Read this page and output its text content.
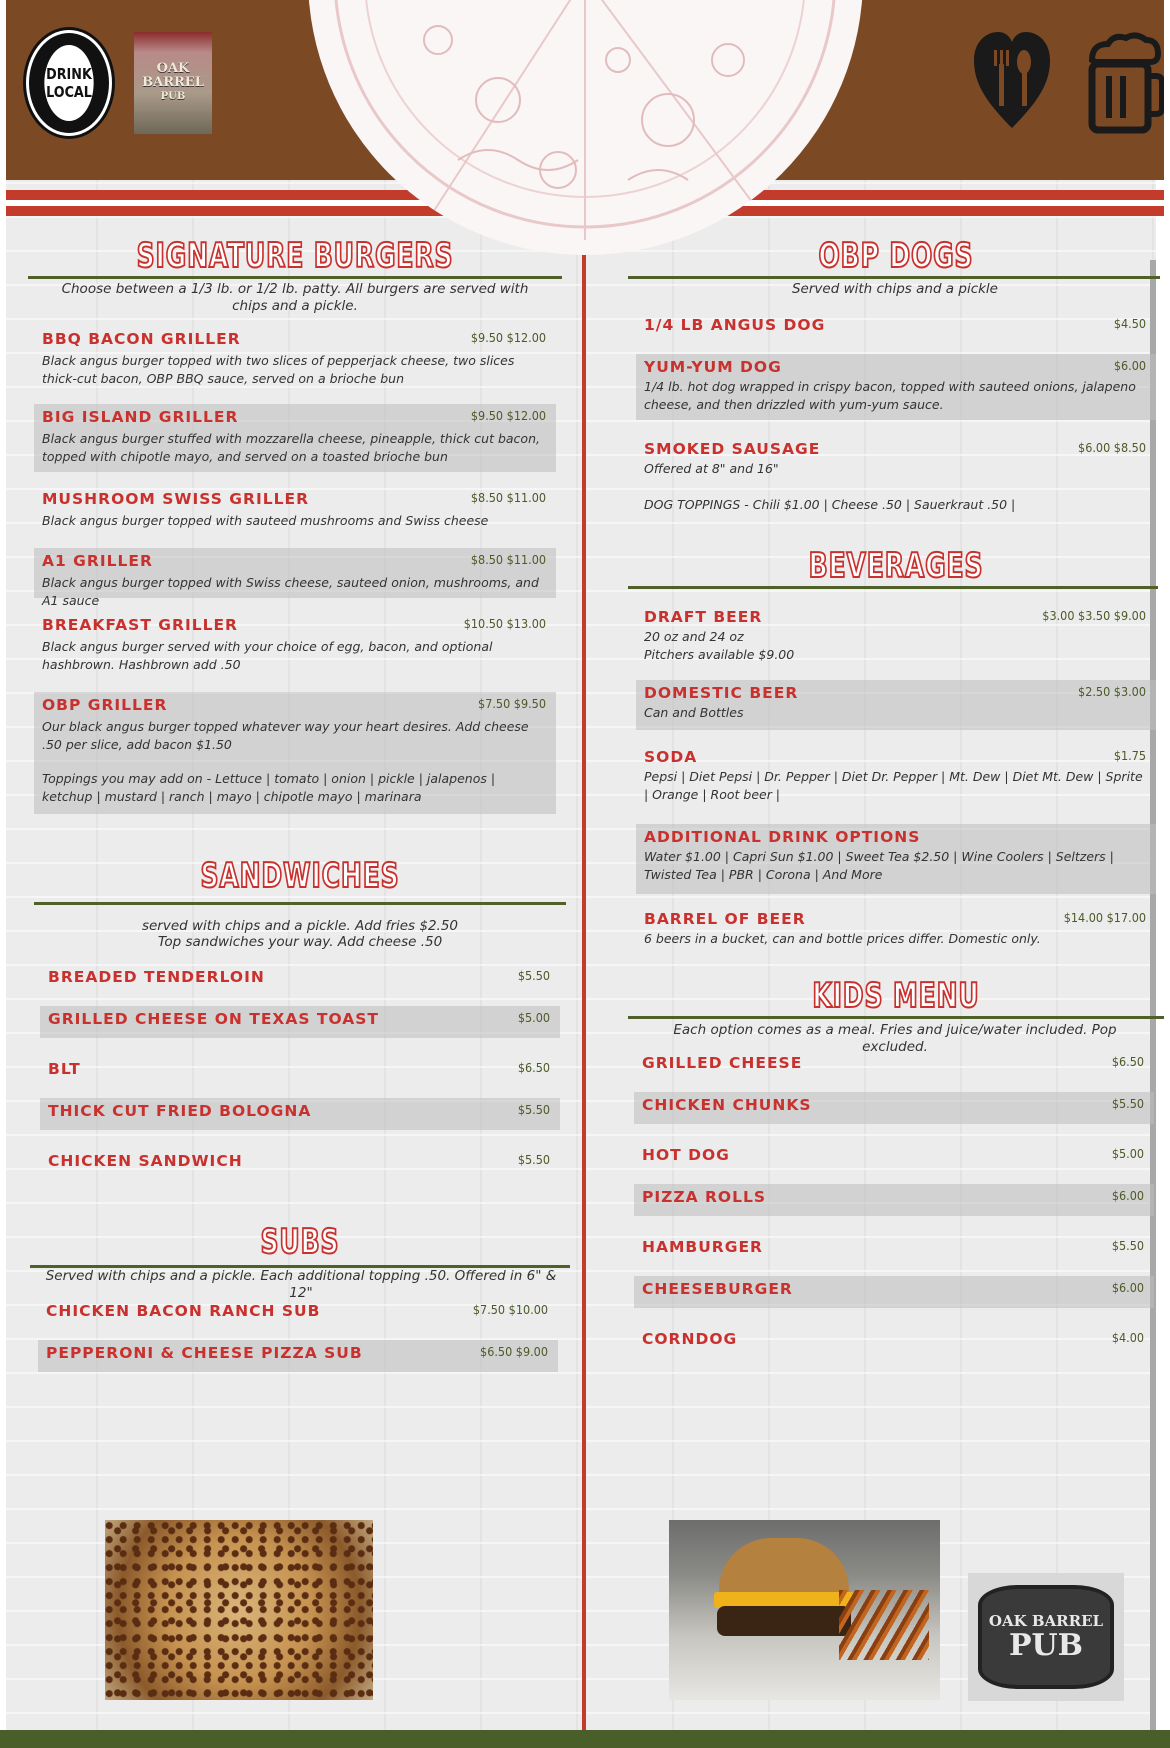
DRINK
LOCAL
OAK
BARREL
PUB
SIGNATURE BURGERS
Choose between a 1/3 lb. or 1/2 lb. patty. All burgers are served with chips and a pickle.
BBQ BACON GRILLER	$9.50 $12.00
Black angus burger topped with two slices of pepperjack cheese, two slices thick-cut bacon, OBP BBQ sauce, served on a brioche bun
BIG ISLAND GRILLER	$9.50 $12.00
Black angus burger stuffed with mozzarella cheese, pineapple, thick cut bacon, topped with chipotle mayo, and served on a toasted brioche bun
MUSHROOM SWISS GRILLER	$8.50 $11.00
Black angus burger topped with sauteed mushrooms and Swiss cheese
A1 GRILLER	$8.50 $11.00
Black angus burger topped with Swiss cheese, sauteed onion, mushrooms, and A1 sauce
BREAKFAST GRILLER	$10.50 $13.00
Black angus burger served with your choice of egg, bacon, and optional hashbrown. Hashbrown add .50
OBP GRILLER	$7.50 $9.50
Our black angus burger topped whatever way your heart desires. Add cheese .50 per slice, add bacon $1.50
Toppings you may add on - Lettuce | tomato | onion | pickle | jalapenos | ketchup | mustard | ranch | mayo | chipotle mayo | marinara
SANDWICHES
served with chips and a pickle. Add fries $2.50
Top sandwiches your way. Add cheese .50
BREADED TENDERLOIN	$5.50
GRILLED CHEESE ON TEXAS TOAST	$5.00
BLT	$6.50
THICK CUT FRIED BOLOGNA	$5.50
CHICKEN SANDWICH	$5.50
SUBS
Served with chips and a pickle. Each additional topping .50. Offered in 6" & 12"
CHICKEN BACON RANCH SUB	$7.50 $10.00
PEPPERONI & CHEESE PIZZA SUB	$6.50 $9.00
OBP DOGS
Served with chips and a pickle
1/4 LB ANGUS DOG	$4.50
YUM-YUM DOG	$6.00
1/4 lb. hot dog wrapped in crispy bacon, topped with sauteed onions, jalapeno cheese, and then drizzled with yum-yum sauce.
SMOKED SAUSAGE	$6.00 $8.50
Offered at 8" and 16"
DOG TOPPINGS - Chili $1.00 | Cheese .50 | Sauerkraut .50 |
BEVERAGES
DRAFT BEER	$3.00 $3.50 $9.00
20 oz and 24 oz
Pitchers available $9.00
DOMESTIC BEER	$2.50 $3.00
Can and Bottles
SODA	$1.75
Pepsi | Diet Pepsi | Dr. Pepper | Diet Dr. Pepper | Mt. Dew | Diet Mt. Dew | Sprite | Orange | Root beer |
ADDITIONAL DRINK OPTIONS
Water $1.00 | Capri Sun $1.00 | Sweet Tea $2.50 | Wine Coolers | Seltzers | Twisted Tea | PBR | Corona | And More
BARREL OF BEER	$14.00 $17.00
6 beers in a bucket, can and bottle prices differ. Domestic only.
KIDS MENU
Each option comes as a meal. Fries and juice/water included. Pop excluded.
GRILLED CHEESE	$6.50
CHICKEN CHUNKS	$5.50
HOT DOG	$5.00
PIZZA ROLLS	$6.00
HAMBURGER	$5.50
CHEESEBURGER	$6.00
CORNDOG	$4.00
OAK BARREL
PUB
